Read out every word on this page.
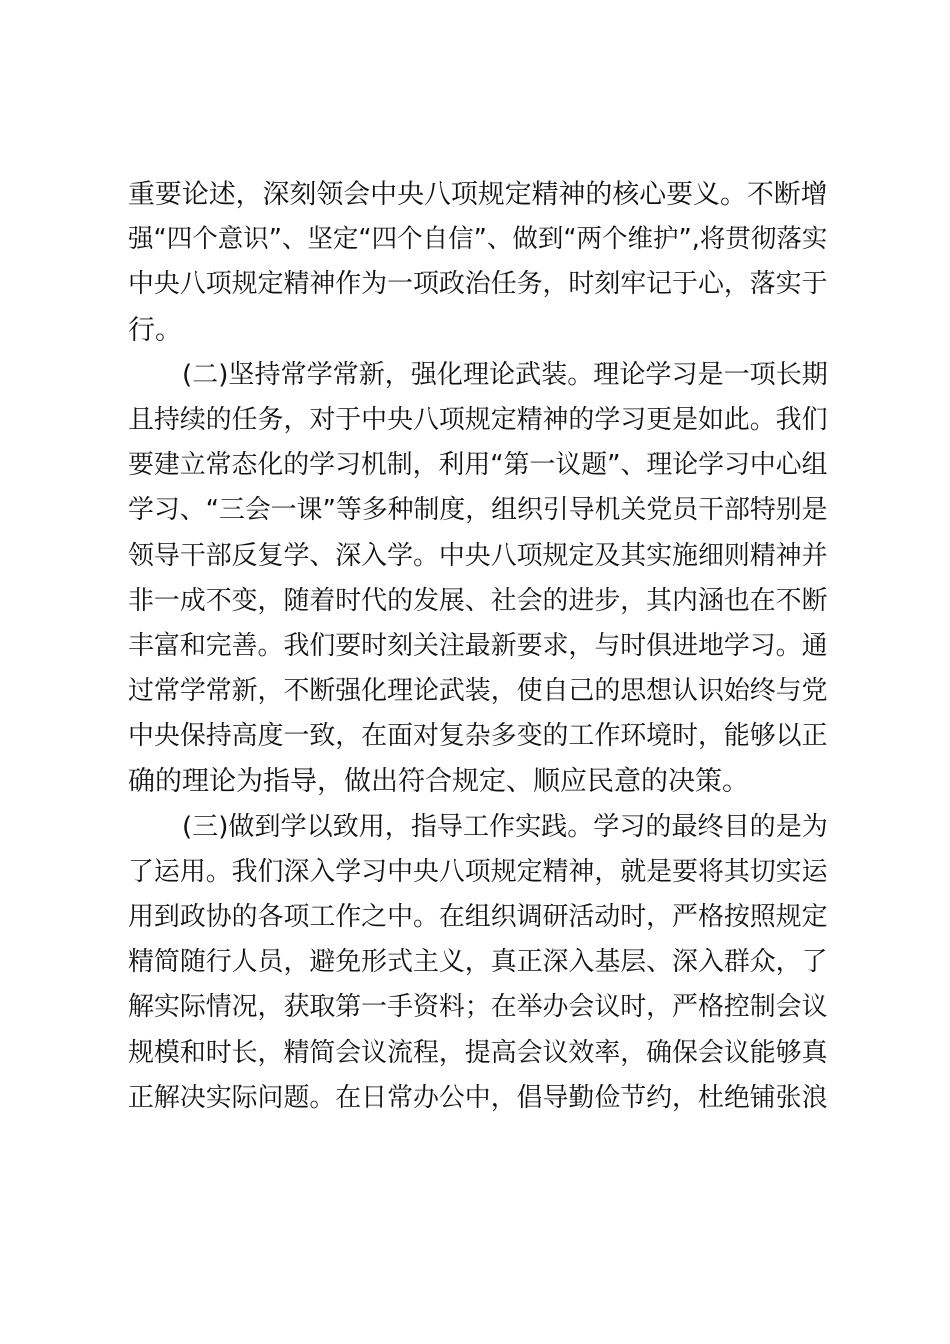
重要论述，深刻领会中央八项规定精神的核心要义。不断增
强“四个意识”、坚定“四个自信”、做到“两个维护”,将贯彻落实
中央八项规定精神作为一项政治任务，时刻牢记于心，落实于
行。
(二)坚持常学常新，强化理论武装。理论学习是一项长期
且持续的任务，对于中央八项规定精神的学习更是如此。我们
要建立常态化的学习机制，利用“第一议题”、理论学习中心组
学习、“三会一课”等多种制度，组织引导机关党员干部特别是
领导干部反复学、深入学。中央八项规定及其实施细则精神并
非一成不变，随着时代的发展、社会的进步，其内涵也在不断
丰富和完善。我们要时刻关注最新要求，与时俱进地学习。通
过常学常新，不断强化理论武装，使自己的思想认识始终与党
中央保持高度一致，在面对复杂多变的工作环境时，能够以正
确的理论为指导，做出符合规定、顺应民意的决策。
(三)做到学以致用，指导工作实践。学习的最终目的是为
了运用。我们深入学习中央八项规定精神，就是要将其切实运
用到政协的各项工作之中。在组织调研活动时，严格按照规定
精简随行人员，避免形式主义，真正深入基层、深入群众，了
解实际情况，获取第一手资料；在举办会议时，严格控制会议
规模和时长，精简会议流程，提高会议效率，确保会议能够真
正解决实际问题。在日常办公中，倡导勤俭节约，杜绝铺张浪
